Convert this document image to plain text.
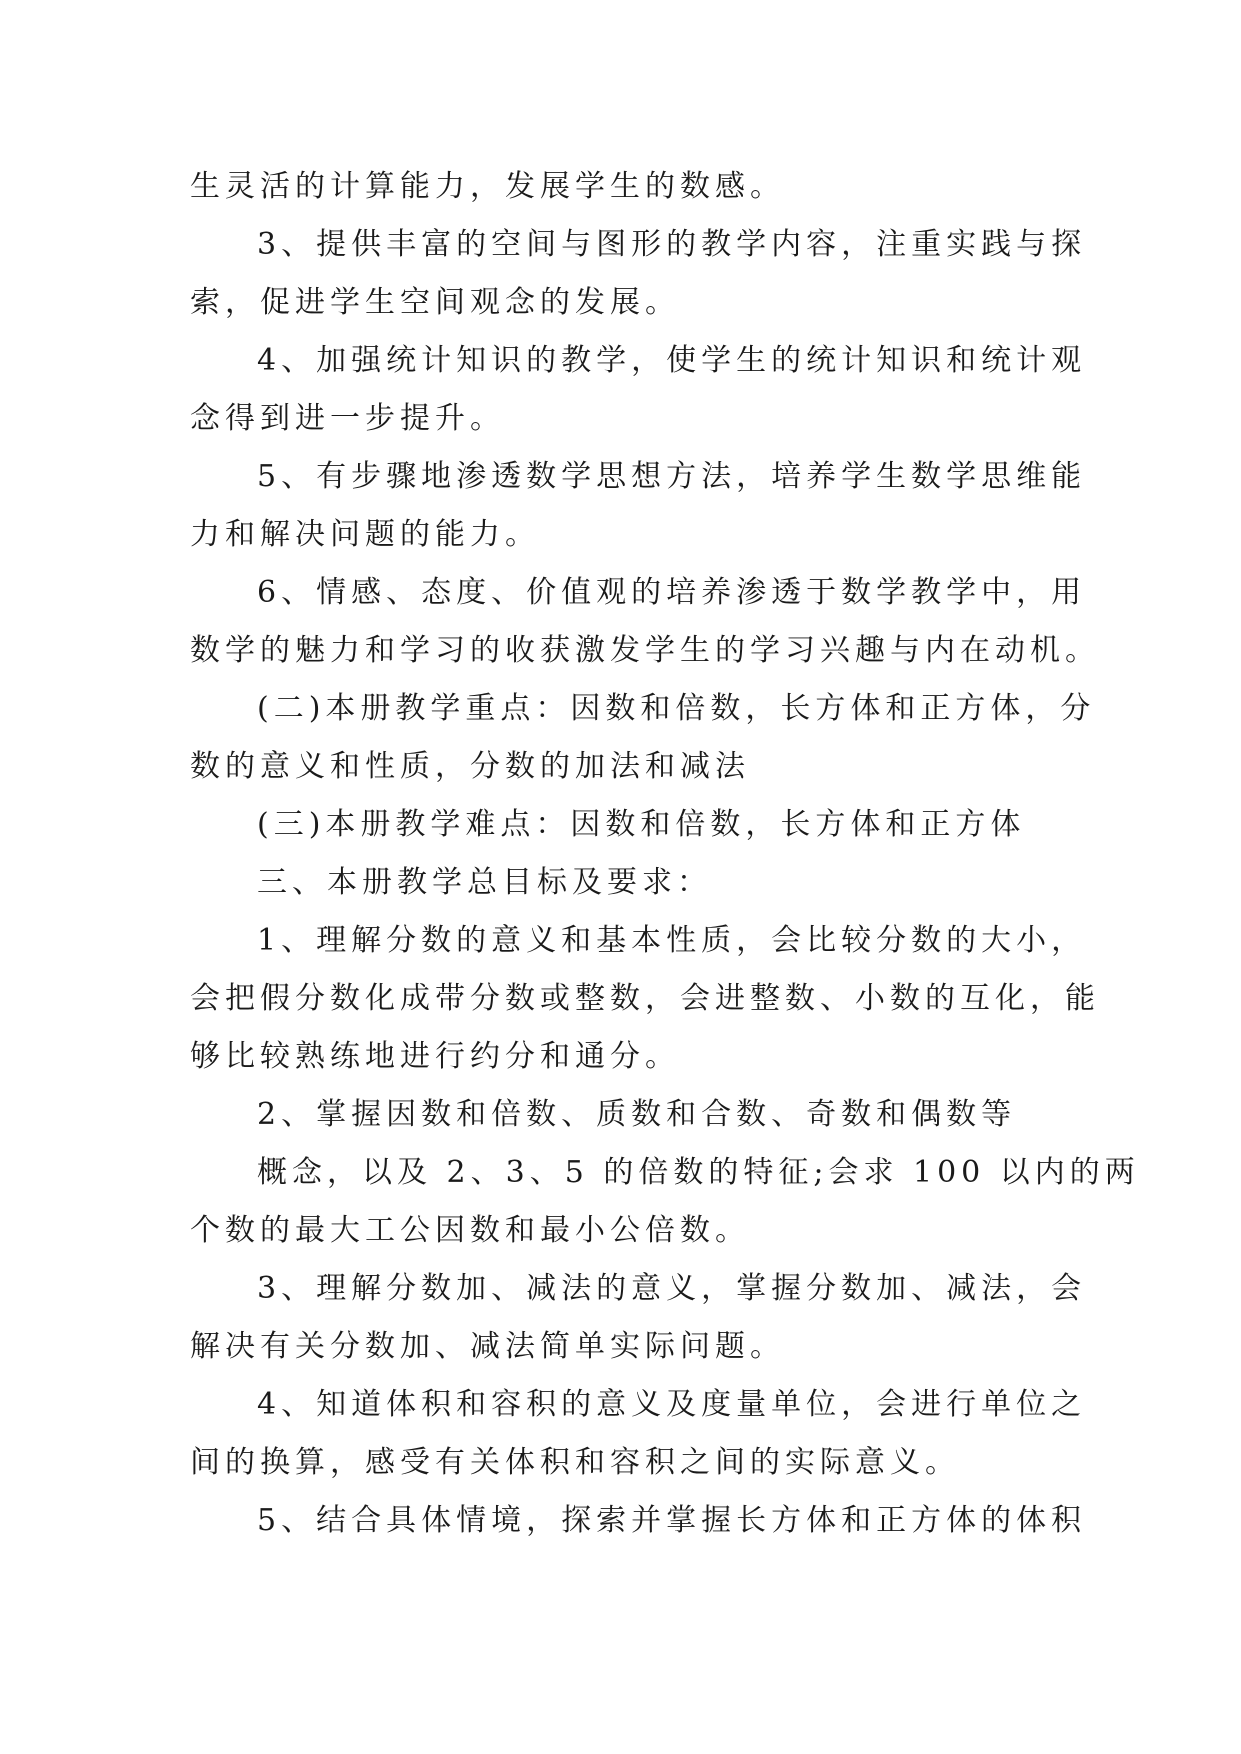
生灵活的计算能力，发展学生的数感。
3、提供丰富的空间与图形的教学内容，注重实践与探
索，促进学生空间观念的发展。
4、加强统计知识的教学，使学生的统计知识和统计观
念得到进一步提升。
5、有步骤地渗透数学思想方法，培养学生数学思维能
力和解决问题的能力。
6、情感、态度、价值观的培养渗透于数学教学中，用
数学的魅力和学习的收获激发学生的学习兴趣与内在动机。
(二)本册教学重点：因数和倍数，长方体和正方体，分
数的意义和性质，分数的加法和减法
(三)本册教学难点：因数和倍数，长方体和正方体
三、本册教学总目标及要求：
1、理解分数的意义和基本性质，会比较分数的大小，
会把假分数化成带分数或整数，会进整数、小数的互化，能
够比较熟练地进行约分和通分。
2、掌握因数和倍数、质数和合数、奇数和偶数等
概念，以及 2、3、5 的倍数的特征;会求 100 以内的两
个数的最大工公因数和最小公倍数。
3、理解分数加、减法的意义，掌握分数加、减法，会
解决有关分数加、减法简单实际问题。
4、知道体积和容积的意义及度量单位，会进行单位之
间的换算，感受有关体积和容积之间的实际意义。
5、结合具体情境，探索并掌握长方体和正方体的体积
